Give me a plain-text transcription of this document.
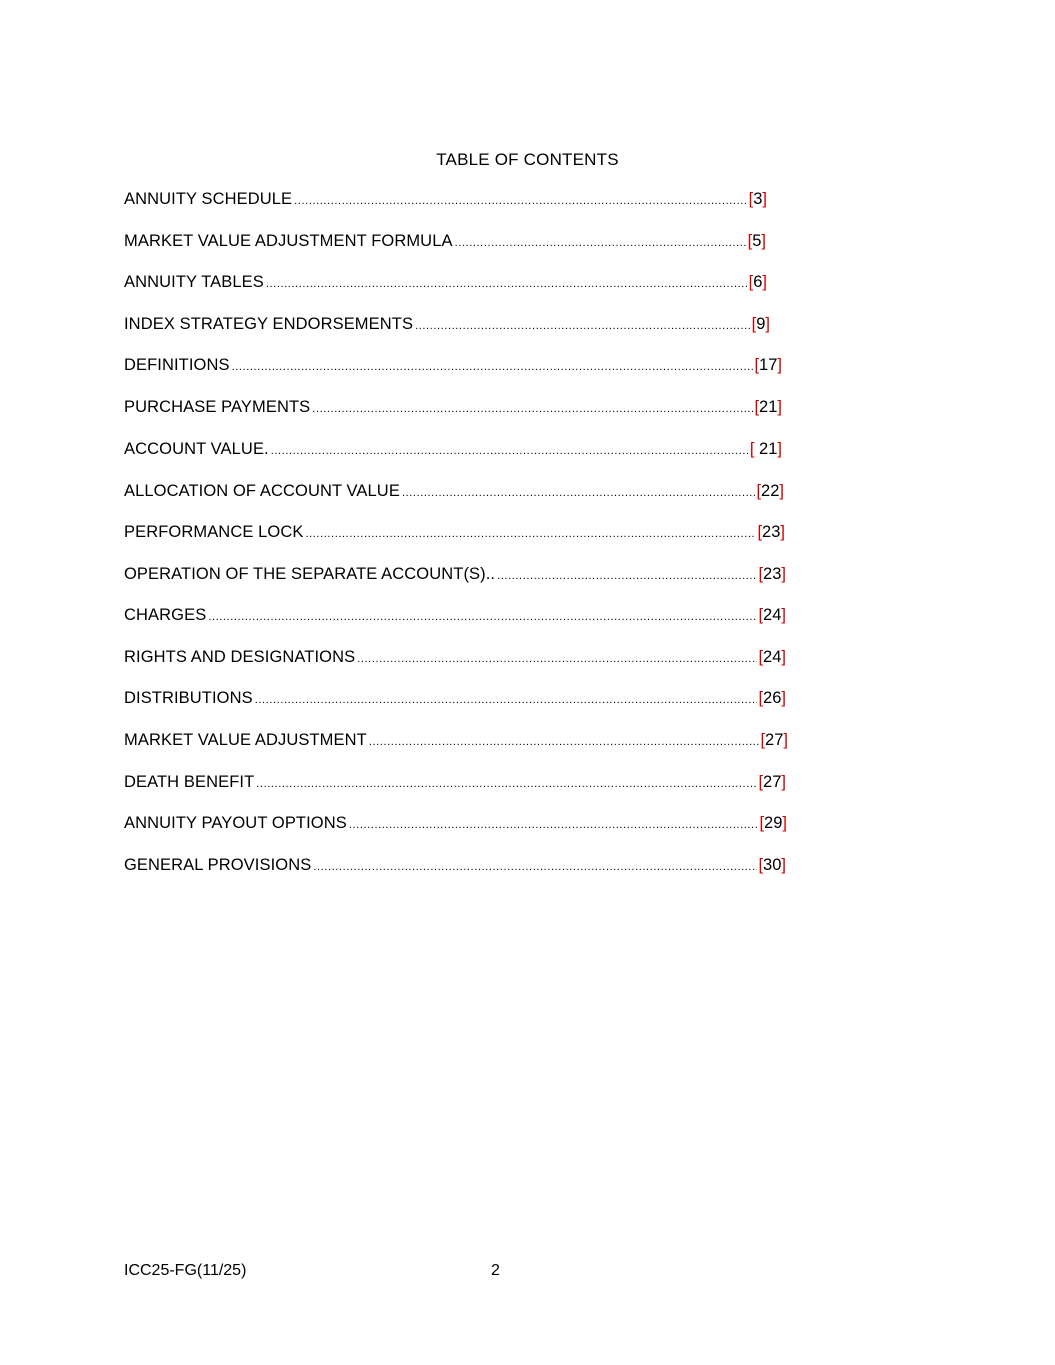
TABLE OF CONTENTS
ANNUITY SCHEDULE .....	[3]
MARKET VALUE ADJUSTMENT FORMULA .....	[5]
ANNUITY TABLES .....	[6]
INDEX STRATEGY ENDORSEMENTS .....	[9]
DEFINITIONS .....	[17]
PURCHASE PAYMENTS .....	[21]
ACCOUNT VALUE. .....	[ 21]
ALLOCATION OF ACCOUNT VALUE .....	[22]
PERFORMANCE LOCK .....	[23]
OPERATION OF THE SEPARATE ACCOUNT(S).. .....	[23]
CHARGES .....	[24]
RIGHTS AND DESIGNATIONS .....	[24]
DISTRIBUTIONS .....	[26]
MARKET VALUE ADJUSTMENT .....	[27]
DEATH BENEFIT .....	[27]
ANNUITY PAYOUT OPTIONS .....	[29]
GENERAL PROVISIONS .....	[30]
ICC25-FG(11/25)	2
